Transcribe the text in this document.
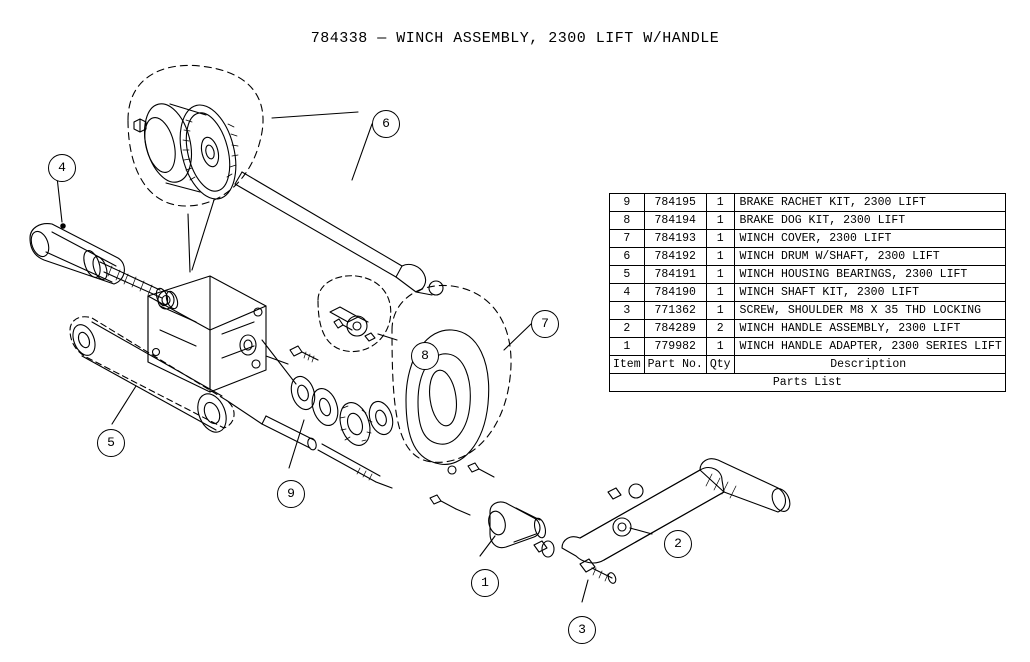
784338 — WINCH ASSEMBLY, 2300 LIFT W/HANDLE
9	784195	1	BRAKE RACHET KIT, 2300 LIFT
8	784194	1	BRAKE DOG KIT, 2300 LIFT
7	784193	1	WINCH COVER, 2300 LIFT
6	784192	1	WINCH DRUM W/SHAFT, 2300 LIFT
5	784191	1	WINCH HOUSING BEARINGS, 2300 LIFT
4	784190	1	WINCH SHAFT KIT, 2300 LIFT
3	771362	1	SCREW, SHOULDER M8 X 35 THD LOCKING
2	784289	2	WINCH HANDLE ASSEMBLY, 2300 LIFT
1	779982	1	WINCH HANDLE ADAPTER, 2300 SERIES LIFT
Item	Part No.	Qty	Description
Parts List			
6
4
7
8
5
9
2
1
3
